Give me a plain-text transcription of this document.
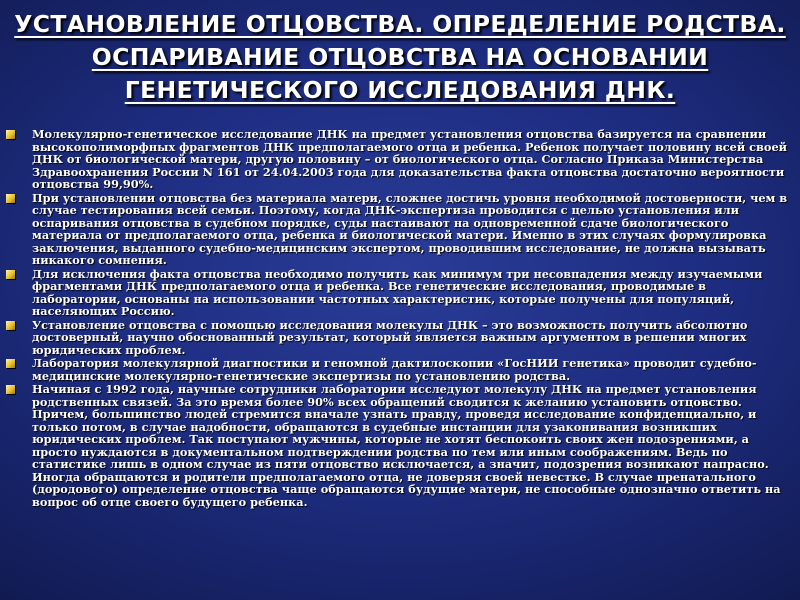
УСТАНОВЛЕНИЕ ОТЦОВСТВА. ОПРЕДЕЛЕНИЕ РОДСТВА. ОСПАРИВАНИЕ ОТЦОВСТВА НА ОСНОВАНИИ ГЕНЕТИЧЕСКОГО ИССЛЕДОВАНИЯ ДНК.
Молекулярно-генетическое исследование ДНК на предмет установления отцовства базируется на сравнении высокополиморфных фрагментов ДНК предполагаемого отца и ребенка. Ребенок получает половину всей своей ДНК от биологической матери, другую половину – от биологического отца. Согласно Приказа Министерства Здравоохранения России N 161 от 24.04.2003 года для доказательства факта отцовства достаточно вероятности отцовства 99,90%.
При установлении отцовства без материала матери, сложнее достичь уровня необходимой достоверности, чем в случае тестирования всей семьи. Поэтому, когда ДНК-экспертиза проводится с целью установления или оспаривания отцовства в судебном порядке, суды настаивают на одновременной сдаче биологического материала от предполагаемого отца, ребенка и биологической матери. Именно в этих случаях формулировка заключения, выданного судебно-медицинским экспертом, проводившим исследование, не должна вызывать никакого сомнения.
Для исключения факта отцовства необходимо получить как минимум три несовпадения между изучаемыми фрагментами ДНК предполагаемого отца и ребенка. Все генетические исследования, проводимые в лаборатории, основаны на использовании частотных характеристик, которые получены для популяций, населяющих Россию.
Установление отцовства с помощью исследования молекулы ДНК – это возможность получить абсолютно достоверный, научно обоснованный результат, который является важным аргументом в решении многих юридических проблем.
Лаборатория молекулярной диагностики и геномной дактилоскопии «ГосНИИ генетика» проводит судебно-медицинские молекулярно-генетические экспертизы по установлению родства.
Начиная с 1992 года, научные сотрудники лаборатории исследуют молекулу ДНК на предмет установления родственных связей. За это время более 90% всех обращений сводится к желанию установить отцовство. Причем, большинство людей стремится вначале узнать правду, проведя исследование конфиденциально, и только потом, в случае надобности, обращаются в судебные инстанции для узаконивания возникших юридических проблем. Так поступают мужчины, которые не хотят беспокоить своих жен подозрениями, а просто нуждаются в документальном подтверждении родства по тем или иным соображениям. Ведь по статистике лишь в одном случае из пяти отцовство исключается, а значит, подозрения возникают напрасно. Иногда обращаются и родители предполагаемого отца, не доверяя своей невестке. В случае пренатального (дородового) определение отцовства чаще обращаются будущие матери, не способные однозначно ответить на вопрос об отце своего будущего ребенка.
